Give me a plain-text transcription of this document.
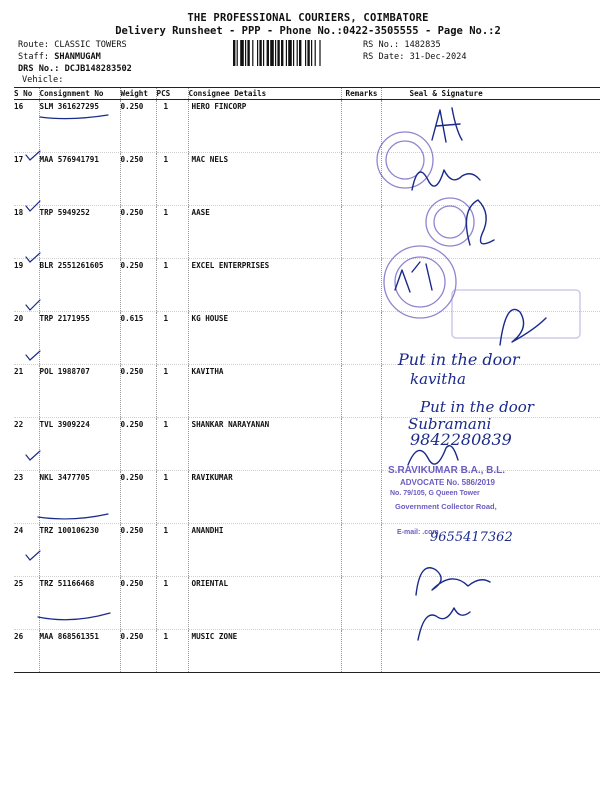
THE PROFESSIONAL COURIERS, COIMBATORE
Delivery Runsheet - PPP - Phone No.:0422-3505555 - Page No.:2
Route: CLASSIC TOWERS
Staff: SHANMUGAM
DRS No.: DCJB148283502
Vehicle:
RS No.: 1482835
RS Date: 31-Dec-2024
S No	Consignment No	Weight	PCS	Consignee Details	Remarks	Seal & Signature
16	SLM 361627295	0.250	1	HERO FINCORP		
17	MAA 576941791	0.250	1	MAC NELS		
18	TRP 5949252	0.250	1	AASE		
19	BLR 2551261605	0.250	1	EXCEL ENTERPRISES		
20	TRP 2171955	0.615	1	KG HOUSE		
21	POL 1988707	0.250	1	KAVITHA		
22	TVL 3909224	0.250	1	SHANKAR NARAYANAN		
23	NKL 3477705	0.250	1	RAVIKUMAR		
24	TRZ 100106230	0.250	1	ANANDHI		
25	TRZ 51166468	0.250	1	ORIENTAL		
26	MAA 868561351	0.250	1	MUSIC ZONE		
Put in the door
kavitha
Put in the door
Subramani
9842280839
S.RAVIKUMAR B.A., B.L.
ADVOCATE No. 586/2019
No. 79/105, G Queen Tower
Government Collector Road,
E-mail: .com
9655417362
